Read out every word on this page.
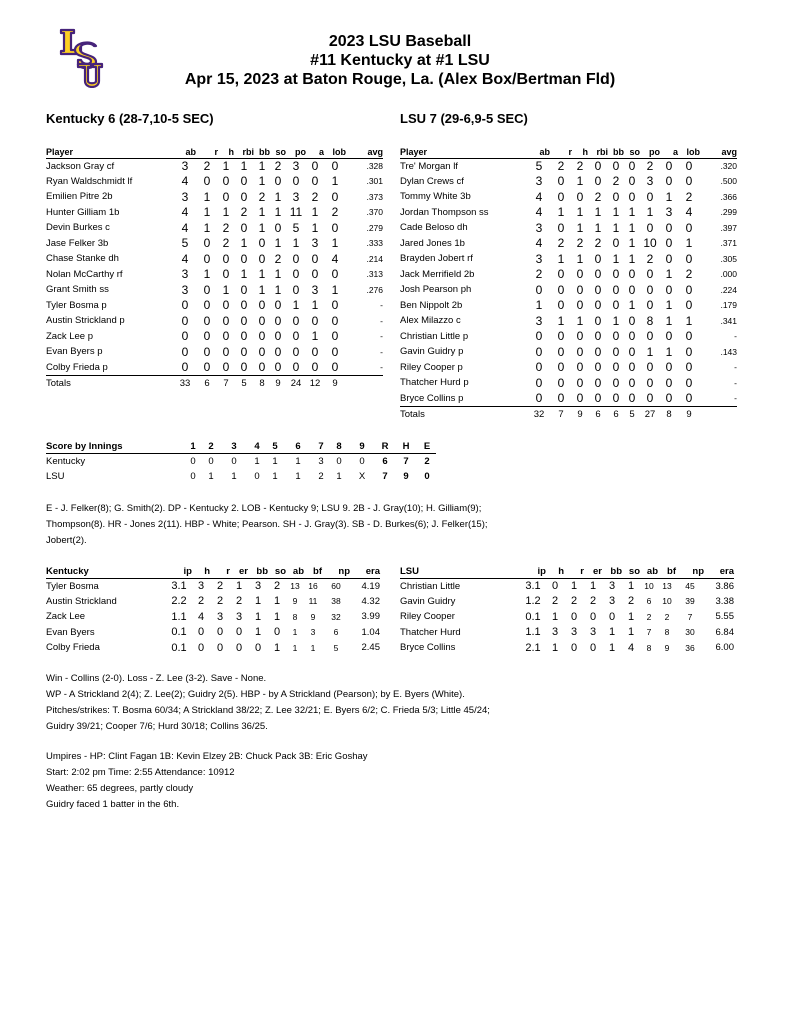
2023 LSU Baseball
#11 Kentucky at #1 LSU
Apr 15, 2023 at Baton Rouge, La. (Alex Box/Bertman Fld)
Kentucky 6 (28-7,10-5 SEC)	LSU 7 (29-6,9-5 SEC)
Player	ab	r	h	rbi	bb	so	po	a	lob	avg
Jackson Gray cf	3	2	1	1	1	2	3	0	0	.328
Ryan Waldschmidt lf	4	0	0	0	1	0	0	0	1	.301
Emilien Pitre 2b	3	1	0	0	2	1	3	2	0	.373
Hunter Gilliam 1b	4	1	1	2	1	1	11	1	2	.370
Devin Burkes c	4	1	2	0	1	0	5	1	0	.279
Jase Felker 3b	5	0	2	1	0	1	1	3	1	.333
Chase Stanke dh	4	0	0	0	0	2	0	0	4	.214
Nolan McCarthy rf	3	1	0	1	1	1	0	0	0	.313
Grant Smith ss	3	0	1	0	1	1	0	3	1	.276
Tyler Bosma p	0	0	0	0	0	0	1	1	0	-
Austin Strickland p	0	0	0	0	0	0	0	0	0	-
Zack Lee p	0	0	0	0	0	0	0	1	0	-
Evan Byers p	0	0	0	0	0	0	0	0	0	-
Colby Frieda p	0	0	0	0	0	0	0	0	0	-
Totals	33	6	7	5	8	9	24	12	9	
Player	ab	r	h	rbi	bb	so	po	a	lob	avg
Tre' Morgan lf	5	2	2	0	0	0	2	0	0	.320
Dylan Crews cf	3	0	1	0	2	0	3	0	0	.500
Tommy White 3b	4	0	0	2	0	0	0	1	2	.366
Jordan Thompson ss	4	1	1	1	1	1	1	3	4	.299
Cade Beloso dh	3	0	1	1	1	1	0	0	0	.397
Jared Jones 1b	4	2	2	2	0	1	10	0	1	.371
Brayden Jobert rf	3	1	1	0	1	1	2	0	0	.305
Jack Merrifield 2b	2	0	0	0	0	0	0	1	2	.000
Josh Pearson ph	0	0	0	0	0	0	0	0	0	.224
Ben Nippolt 2b	1	0	0	0	0	1	0	1	0	.179
Alex Milazzo c	3	1	1	0	1	0	8	1	1	.341
Christian Little p	0	0	0	0	0	0	0	0	0	-
Gavin Guidry p	0	0	0	0	0	0	1	1	0	.143
Riley Cooper p	0	0	0	0	0	0	0	0	0	-
Thatcher Hurd p	0	0	0	0	0	0	0	0	0	-
Bryce Collins p	0	0	0	0	0	0	0	0	0	-
Totals	32	7	9	6	6	5	27	8	9	
Score by Innings	1	2	3	4	5	6	7	8	9	R	H	E
Kentucky	0	0	0	1	1	1	3	0	0	6	7	2
LSU	0	1	1	0	1	1	2	1	X	7	9	0
E - J. Felker(8); G. Smith(2). DP - Kentucky 2. LOB - Kentucky 9; LSU 9. 2B - J. Gray(10); H. Gilliam(9);
Thompson(8). HR - Jones 2(11). HBP - White; Pearson. SH - J. Gray(3). SB - D. Burkes(6); J. Felker(15);
Jobert(2).
Kentucky	ip	h	r	er	bb	so	ab	bf	np	era
Tyler Bosma	3.1	3	2	1	3	2	13	16	60	4.19
Austin Strickland	2.2	2	2	2	1	1	9	11	38	4.32
Zack Lee	1.1	4	3	3	1	1	8	9	32	3.99
Evan Byers	0.1	0	0	0	1	0	1	3	6	1.04
Colby Frieda	0.1	0	0	0	0	1	1	1	5	2.45
LSU	ip	h	r	er	bb	so	ab	bf	np	era
Christian Little	3.1	0	1	1	3	1	10	13	45	3.86
Gavin Guidry	1.2	2	2	2	3	2	6	10	39	3.38
Riley Cooper	0.1	1	0	0	0	1	2	2	7	5.55
Thatcher Hurd	1.1	3	3	3	1	1	7	8	30	6.84
Bryce Collins	2.1	1	0	0	1	4	8	9	36	6.00
Win - Collins (2-0). Loss - Z. Lee (3-2). Save - None.
WP - A Strickland 2(4); Z. Lee(2); Guidry 2(5). HBP - by A Strickland (Pearson); by E. Byers (White).
Pitches/strikes: T. Bosma 60/34; A Strickland 38/22; Z. Lee 32/21; E. Byers 6/2; C. Frieda 5/3; Little 45/24;
Guidry 39/21; Cooper 7/6; Hurd 30/18; Collins 36/25.
Umpires - HP: Clint Fagan 1B: Kevin Elzey 2B: Chuck Pack 3B: Eric Goshay
Start: 2:02 pm Time: 2:55 Attendance: 10912
Weather: 65 degrees, partly cloudy
Guidry faced 1 batter in the 6th.
